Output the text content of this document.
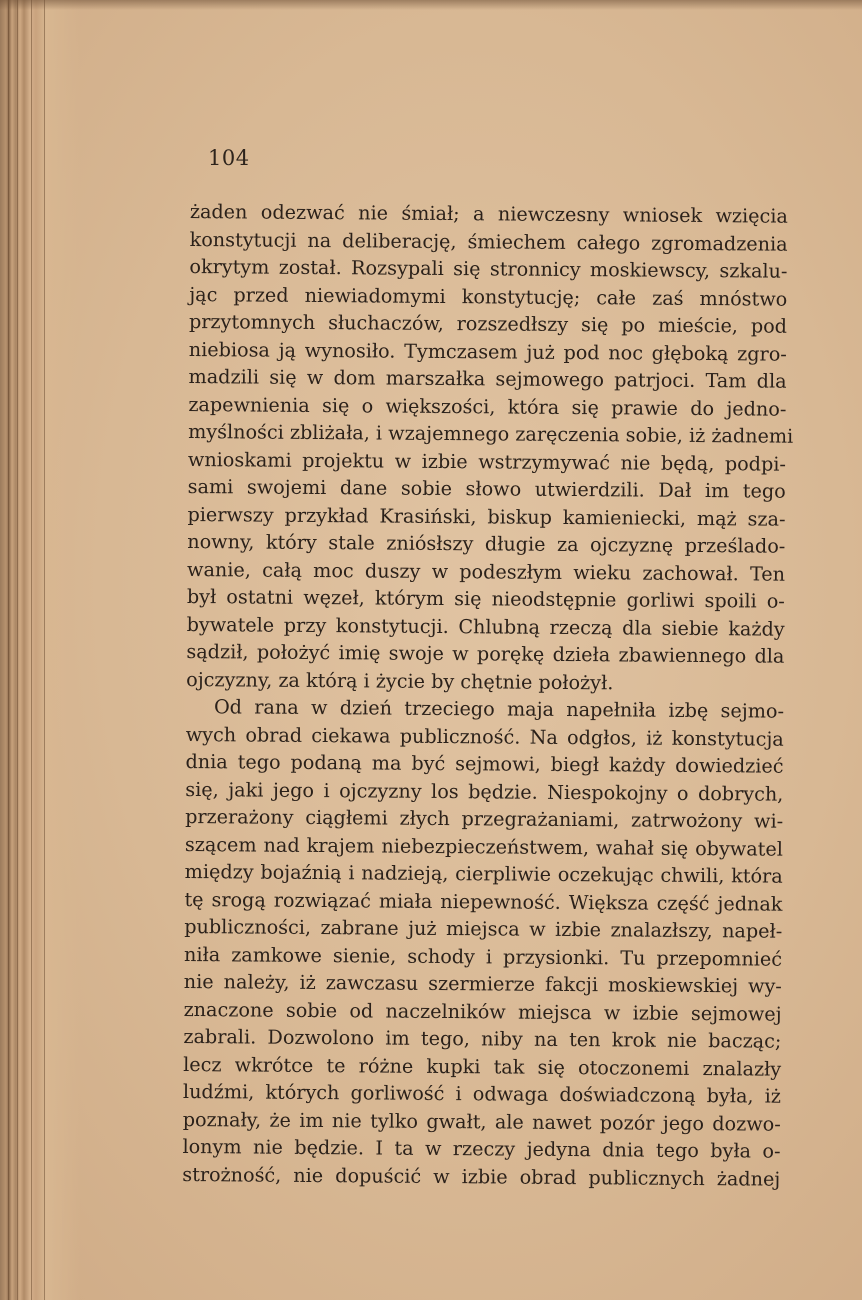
104
żaden odezwać nie śmiał; a niewczesny wniosek wzięcia
konstytucji na deliberację, śmiechem całego zgromadzenia
okrytym został. Rozsypali się stronnicy moskiewscy, szkalu-
jąc przed niewiadomymi konstytucję; całe zaś mnóstwo
przytomnych słuchaczów, rozszedłszy się po mieście, pod
niebiosa ją wynosiło. Tymczasem już pod noc głęboką zgro-
madzili się w dom marszałka sejmowego patrjoci. Tam dla
zapewnienia się o większości, która się prawie do jedno-
myślności zbliżała, i wzajemnego zaręczenia sobie, iż żadnemi
wnioskami projektu w izbie wstrzymywać nie będą, podpi-
sami swojemi dane sobie słowo utwierdzili. Dał im tego
pierwszy przykład Krasiński, biskup kamieniecki, mąż sza-
nowny, który stale zniósłszy długie za ojczyznę prześlado-
wanie, całą moc duszy w podeszłym wieku zachował. Ten
był ostatni węzeł, którym się nieodstępnie gorliwi spoili o-
bywatele przy konstytucji. Chlubną rzeczą dla siebie każdy
sądził, położyć imię swoje w porękę dzieła zbawiennego dla
ojczyzny, za którą i życie by chętnie położył.
Od rana w dzień trzeciego maja napełniła izbę sejmo-
wych obrad ciekawa publiczność. Na odgłos, iż konstytucja
dnia tego podaną ma być sejmowi, biegł każdy dowiedzieć
się, jaki jego i ojczyzny los będzie. Niespokojny o dobrych,
przerażony ciągłemi złych przegrażaniami, zatrwożony wi-
szącem nad krajem niebezpieczeństwem, wahał się obywatel
między bojaźnią i nadzieją, cierpliwie oczekując chwili, która
tę srogą rozwiązać miała niepewność. Większa część jednak
publiczności, zabrane już miejsca w izbie znalazłszy, napeł-
niła zamkowe sienie, schody i przysionki. Tu przepomnieć
nie należy, iż zawczasu szermierze fakcji moskiewskiej wy-
znaczone sobie od naczelników miejsca w izbie sejmowej
zabrali. Dozwolono im tego, niby na ten krok nie bacząc;
lecz wkrótce te różne kupki tak się otoczonemi znalazły
ludźmi, których gorliwość i odwaga doświadczoną była, iż
poznały, że im nie tylko gwałt, ale nawet pozór jego dozwo-
lonym nie będzie. I ta w rzeczy jedyna dnia tego była o-
strożność, nie dopuścić w izbie obrad publicznych żadnej
